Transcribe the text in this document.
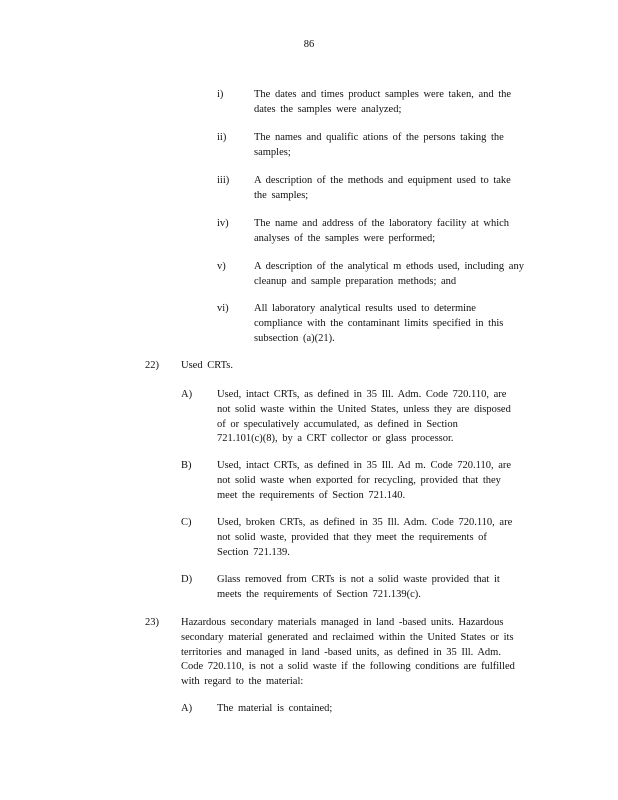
86
i)	The dates and times product samples were taken, and the
dates the samples were analyzed;
ii)	The names and qualific ations of the persons taking the
samples;
iii) A description of the methods and equipment used to take
the samples;
iv) The name and address of the laboratory facility at which
analyses of the samples were performed;
v)	A description of the analytical m ethods used, including any
cleanup and sample preparation methods; and
vi) All laboratory analytical results used to determine
compliance with the contaminant limits specified in this
subsection (a)(21).
22) Used CRTs.
A) Used, intact CRTs, as defined in 35 Ill. Adm. Code 720.110, are
not solid waste within the United States, unless they are disposed
of or speculatively accumulated, as defined in Section
721.101(c)(8), by a CRT collector or glass processor.
B) Used, intact CRTs, as defined in 35 Ill. Ad m. Code 720.110, are
not solid waste when exported for recycling, provided that they
meet the requirements of Section 721.140.
C) Used, broken CRTs, as defined in 35 Ill. Adm. Code 720.110, are
not solid waste, provided that they meet the requirements of
Section 721.139.
D) Glass removed from CRTs is not a solid waste provided that it
meets the requirements of Section 721.139(c).
23) Hazardous secondary materials managed in land -based units. Hazardous
secondary material generated and reclaimed within the United States or its
territories and managed in land -based units, as defined in 35 Ill. Adm.
Code 720.110, is not a solid waste if the following conditions are fulfilled
with regard to the material:
A) The material is contained;
